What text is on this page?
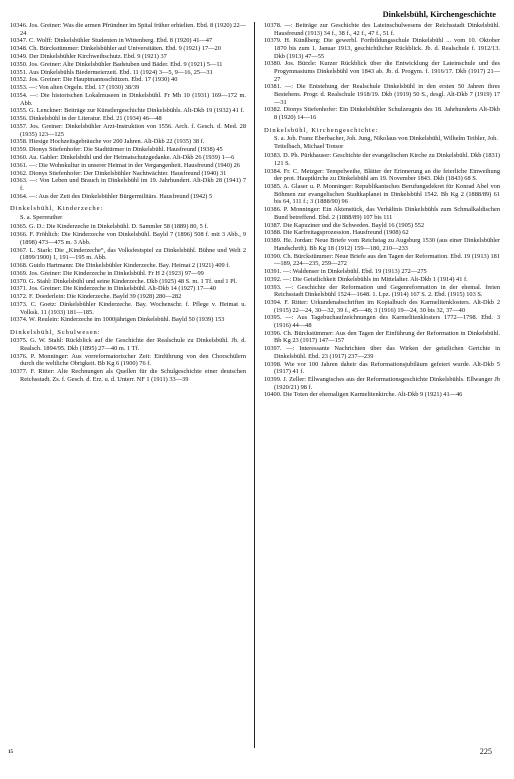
Dinkelsbühl, Kirchengeschichte

10346. Jos. Greiner: Was die armen Pfründner im Spital früher erhielten. Ebd. 8 (1920) 22—24

10347. C. Wolff: Dinkelsbühler Studenten in Wittenberg. Ebd. 8 (1920) 41—47

10348. Ch. Bürckstümmer: Dinkelsbühler auf Universitäten. Ebd. 9 (1921) 17—20

10349. Der Dinkelsbühler Kirchweihschutz. Ebd. 9 (1921) 37

10350. Jos. Greiner: Alte Dinkelsbühler Badstuben und Bäder. Ebd. 9 (1921) 5—11

10351. Aus Dinkelsbühls Biedermeierzeit. Ebd. 11 (1924) 3—5, 9—16, 25—31

10352. Jos. Greiner: Die Hauptmannsschützen. Ebd. 17 (1930) 40

10353. —: Von alten Orgeln. Ebd. 17 (1930) 38/39

10354. —: Die historischen Lokalmuseen in Dinkelsbühl. Fr Mh 10 (1931) 169—172 m. Abb.

10355. G. Lenckner: Beiträge zur Künstlergeschichte Dinkelsbühls. Alt-Dkb 19 (1932) 41 f.

10356. Dinkelsbühl in der Literatur. Ebd. 21 (1934) 46—48

10357. Jos. Greiner: Dinkelsbühler Arzt-Instruktion von 1556. Arch. f. Gesch. d. Med. 28 (1935) 123—125

10358. Hiesige Hochzeitsgebräuche vor 200 Jahren. Alt-Dkb 22 (1935) 38 f.

10359. Dionys Stiefenhofer: Die Stadttürmer in Dinkelsbühl. Hausfreund (1938) 45

10360. Au. Gabler: Dinkelsbühl und der Heimatschutzgedanke. Alt-Dkb 26 (1939) 1—6

10361. —: Die Wohnkultur in unserer Heimat in der Vergangenheit. Hausfreund (1940) 26

10362. Dionys Stiefenhofer: Der Dinkelsbühler Nachtwächter. Hausfreund (1940) 31

10363. —: Von Leben und Brauch in Dinkelsbühl im 19. Jahrhundert. Alt-Dkb 28 (1941) 7 f.

10364. —: Aus der Zeit des Dinkelsbühler Bürgermilitärs. Hausfreund (1942) 5

Dinkelsbühl, Kinderzeche:
S. a. Sperreuther

10365. G. D.: Die Kinderzeche in Dinkelsbühl. D. Sammler 58 (1889) 80, 5 f.

10366. F. Fröhlich: Die Kinderzeche von Dinkelsbühl. Bayld 7 (1896) 508 f. mit 3 Abb., 9 (1898) 473—475 m. 3 Abb.

10367. L. Stark: Die „Kinderzeche“, das Volksfestspiel zu Dinkelsbühl. Bühne und Welt 2 (1899/1900) 1, 191—195 m. Abb.

10368. Guido Hartmann: Die Dinkelsbühler Kinderzeche. Bay. Heimat 2 (1921) 409 f.

10369. Jos. Greiner: Die Kinderzeche in Dinkelsbühl. Fr H 2 (1923) 97—99

10370. G. Stahl: Dinkelsbühl und seine Kinderzeche. Dkb (1925) 48 S. m. 1 Tf. und 1 Pl.

10371. Jos. Greiner: Die Kinderzeche in Dinkelsbühl. Alt-Dkb 14 (1927) 17—40

10372. F. Doederlein: Die Kinderzeche. Bayld 39 (1928) 280—282

10373. C. Goetz: Dinkelsbühler Kinderzeche. Bay. Wochenschr. f. Pflege v. Heimat u. Volksk. 11 (1933) 181—185.

10374. W. Reulein: Kinderzeche im 1000jährigen Dinkelsbühl. Bayld 50 (1939) 153

Dinkelsbühl, Schulwesen:

10375. G. W. Stahl: Rückblick auf die Geschichte der Realschule zu Dinkelsbühl. Jb. d. Realsch. 1894/95. Dkb (1895) 27—40 m. 1 Tf.

10376. P. Monninger: Aus vorreformatorischer Zeit: Einführung von den Chorschülern durch die weltliche Obrigkeit. Bb Kg 6 (1900) 76 f.

10377. F. Ritter: Alte Rechnungen als Quellen für die Schulgeschichte einer deutschen Reichsstadt. Zs. f. Gesch. d. Erz. u. d. Unterr. NF 1 (1911) 33—39

10378. —: Beiträge zur Geschichte des Lateinschulwesens der Reichsstadt Dinkelsbühl. Hausfreund (1913) 34 f., 38 f., 42 f., 47 f., 51 f.

10379. H. Künßberg: Die gewerbl. Fortbildungsschule Dinkelsbühl ... vom 10. Oktober 1870 bis zum 1. Januar 1913, geschichtlicher Rückblick. Jb. d. Realschule f. 1912/13. Dkb (1913) 47—55

10380. Jos. Bürzle: Kurzer Rückblick über die Entwicklung der Lateinschule und des Progymnasiums Dinkelsbühl von 1843 ab. Jb. d. Progym. f. 1916/17. Dkb (1917) 21—27

10381. —: Die Entstehung der Realschule Dinkelsbühl in den ersten 50 Jahren ihres Bestehens. Progr. d. Realschule 1918/19. Dkb (1919) 50 S., desgl. Alt-Dkb 7 (1919) 17—31

10382. Dionys Stiefenhofer: Ein Dinkelsbühler Schulzeugnis des 18. Jahrhunderts Alt-Dkb 8 (1920) 14—16

Dinkelsbühl, Kirchengeschichte:
S. a. Joh. Franz Eberbacher, Joh. Jung, Nikolaus von Dinkelsbühl, Wilhelm Teibler, Joh. Tettelbach, Michael Tonsor

10383. D. Ph. Pürkhauser: Geschichte der evangelischen Kirche zu Dinkelsbühl. Dkb (1831) 121 S.

10384. Fr. C. Metzger: Tempelweihe, Blätter der Erinnerung an die feierliche Einweihung der prot. Hauptkirche zu Dinkelsbühl am 19. November 1843. Dkb (1843) 68 S.

10385. A. Glaser u. P. Monninger: Republikanisches Berufungsdekret für Konrad Abel von Böhmen zur evangelischen Stadtkaplanei in Dinkelsbühl 1542. Bb Kg 2 (1888/89) 61 bis 64, 111 f.; 3 (1888/90) 96

10386. P. Monninger: Ein Aktenstück, das Verhältnis Dinkelsbühls zum Schmalkaldischen Bund betreffend. Ebd. 2 (1888/89) 107 bis 111

10387. Die Kapuziner und die Schweden. Bayld 16 (1905) 552

10388. Die Karfreitagsprozession. Hausfreund (1908) 62

10389. He. Jordan: Neue Briefe vom Reichstag zu Augsburg 1530 (aus einer Dinkelsbühler Handschrift). Bb Kg 18 (1912) 159—180, 210—233

10390. Ch. Bürckstümmer: Neue Briefe aus den Tagen der Reformation. Ebd. 19 (1913) 181—189, 224—235, 259—272

10391. —: Waldenser in Dinkelsbühl. Ebd. 19 (1913) 272—275

10392. —: Die Geistlichkeit Dinkelsbühls im Mittelalter. Alt-Dkb 1 (1914) 41 f.

10393. —: Geschichte der Reformation und Gegenreformation in der ehemal. freien Reichsstadt Dinkelsbühl 1524—1648. 1. Lpz. (1914) 167 S. 2. Ebd. (1915) 103 S.

10394. F. Ritter: Urkundenabschriften im Kopialbuch des Karmelitenklosters. Alt-Dkb 2 (1915) 22—24, 30—32, 39 f., 45—48; 3 (1916) 19—24, 30 bis 32, 37—40

10395. —: Aus Tagebuchaufzeichnungen des Karmelitenklosters 1772—1798. Ebd. 3 (1916) 44—48

10396. Ch. Bürckstümmer: Aus den Tagen der Einführung der Reformation in Dinkelsbühl. Bb Kg 23 (1917) 147—157

10397. —: Interessante Nachrichten über das Wirken der geistlichen Gerichte in Dinkelsbühl. Ebd. 23 (1917) 237—239

10398. Wie vor 100 Jahren daheir das Reformationsjubiläum gefeiert wurde. Alt-Dkb 5 (1917) 41 f.

10399. J. Zeller: Ellwangisches aus der Reformationsgeschichte Dinkelsbühls. Ellwanger Jb (1920/21) 98 f.

10400. Die Toten der ehemaligen Karmelitenkirche. Alt-Dkb 9 (1921) 41—46

15	225
